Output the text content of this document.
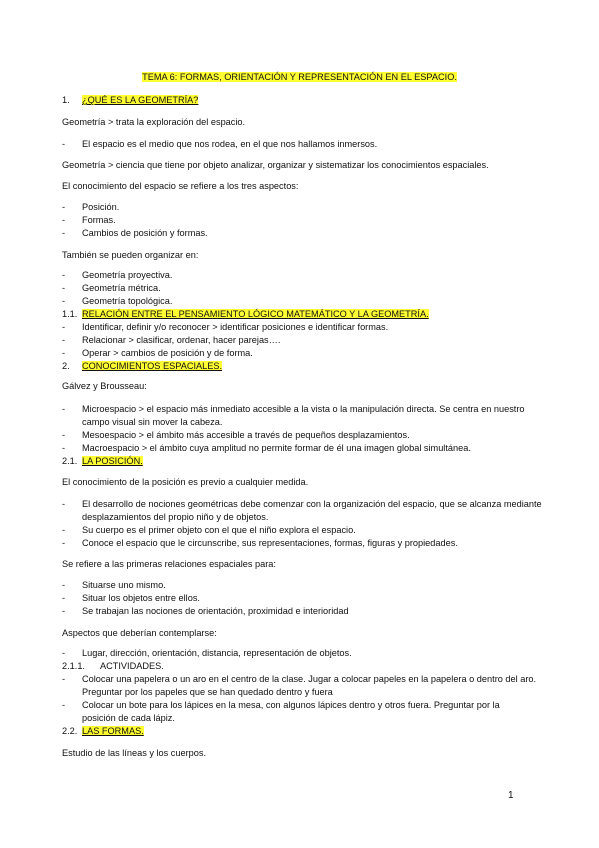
TEMA 6: FORMAS, ORIENTACIÓN Y REPRESENTACIÓN EN EL ESPACIO.
1. ¿QUÉ ES LA GEOMETRÍA?
Geometría > trata la exploración del espacio.
- El espacio es el medio que nos rodea, en el que nos hallamos inmersos.
Geometría > ciencia que tiene por objeto analizar, organizar y sistematizar los conocimientos espaciales.
El conocimiento del espacio se refiere a los tres aspectos:
- Posición.
- Formas.
- Cambios de posición y formas.
También se pueden organizar en:
- Geometría proyectiva.
- Geometría métrica.
- Geometría topológica.
1.1. RELACIÓN ENTRE EL PENSAMIENTO LÓGICO MATEMÁTICO Y LA GEOMETRÍA.
- Identificar, definir y/o reconocer > identificar posiciones e identificar formas.
- Relacionar > clasificar, ordenar, hacer parejas….
- Operar > cambios de posición y de forma.
2. CONOCIMIENTOS ESPACIALES.
Gálvez y Brousseau:
- Microespacio > el espacio más inmediato accesible a la vista o la manipulación directa. Se centra en nuestro
campo visual sin mover la cabeza.
- Mesoespacio > el ámbito más accesible a través de pequeños desplazamientos.
- Macroespacio > el ámbito cuya amplitud no permite formar de él una imagen global simultánea.
2.1. LA POSICIÓN.
El conocimiento de la posición es previo a cualquier medida.
- El desarrollo de nociones geométricas debe comenzar con la organización del espacio, que se alcanza mediante
desplazamientos del propio niño y de objetos.
- Su cuerpo es el primer objeto con el que el niño explora el espacio.
- Conoce el espacio que le circunscribe, sus representaciones, formas, figuras y propiedades.
Se refiere a las primeras relaciones espaciales para:
- Situarse uno mismo.
- Situar los objetos entre ellos.
- Se trabajan las nociones de orientación, proximidad e interioridad
Aspectos que deberían contemplarse:
- Lugar, dirección, orientación, distancia, representación de objetos.
2.1.1. ACTIVIDADES.
- Colocar una papelera o un aro en el centro de la clase. Jugar a colocar papeles en la papelera o dentro del aro.
Preguntar por los papeles que se han quedado dentro y fuera
- Colocar un bote para los lápices en la mesa, con algunos lápices dentro y otros fuera. Preguntar por la
posición de cada lápiz.
2.2. LAS FORMAS.
Estudio de las líneas y los cuerpos.
1
